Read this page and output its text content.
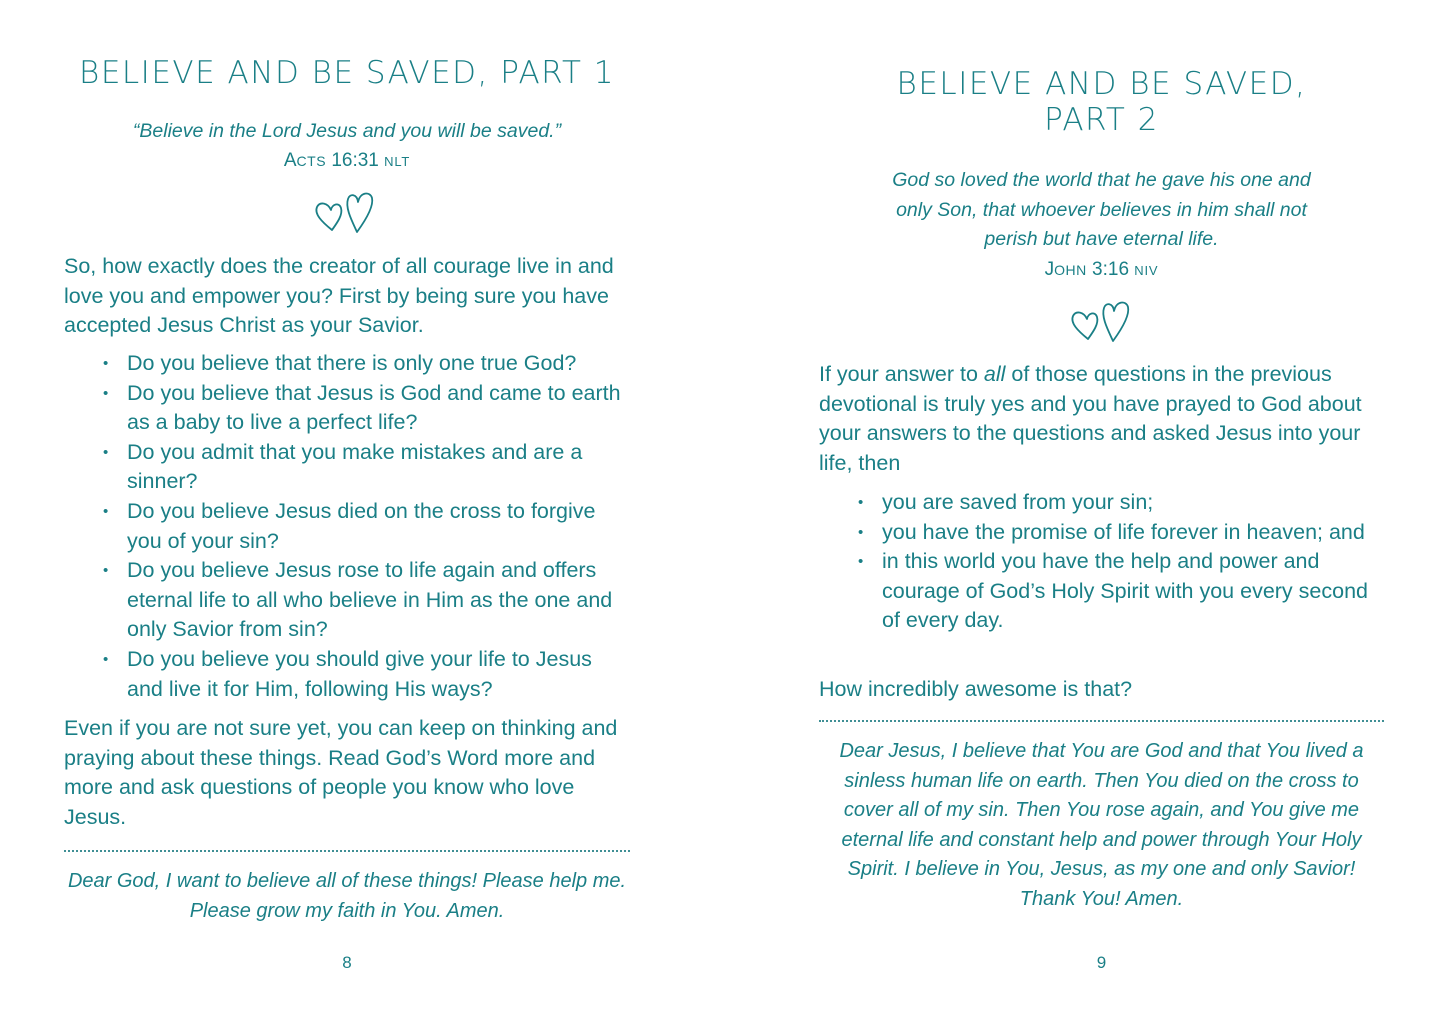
BELIEVE AND BE SAVED, PART 1
“Believe in the Lord Jesus and you will be saved.”
ACTS 16:31 NLT

So, how exactly does the creator of all courage live in and love you and empower you? First by being sure you have accepted Jesus Christ as your Savior.

• Do you believe that there is only one true God?
• Do you believe that Jesus is God and came to earth as a baby to live a perfect life?
• Do you admit that you make mistakes and are a sinner?
• Do you believe Jesus died on the cross to forgive you of your sin?
• Do you believe Jesus rose to life again and offers eternal life to all who believe in Him as the one and only Savior from sin?
• Do you believe you should give your life to Jesus and live it for Him, following His ways?

Even if you are not sure yet, you can keep on thinking and praying about these things. Read God’s Word more and more and ask questions of people you know who love Jesus.

Dear God, I want to believe all of these things! Please help me. Please grow my faith in You. Amen.
8
BELIEVE AND BE SAVED,
PART 2
God so loved the world that he gave his one and only Son, that whoever believes in him shall not perish but have eternal life.
JOHN 3:16 NIV

If your answer to all of those questions in the previous devotional is truly yes and you have prayed to God about your answers to the questions and asked Jesus into your life, then

• you are saved from your sin;
• you have the promise of life forever in heaven; and
• in this world you have the help and power and courage of God’s Holy Spirit with you every second of every day.

How incredibly awesome is that?

Dear Jesus, I believe that You are God and that You lived a sinless human life on earth. Then You died on the cross to cover all of my sin. Then You rose again, and You give me eternal life and constant help and power through Your Holy Spirit. I believe in You, Jesus, as my one and only Savior! Thank You! Amen.
9
